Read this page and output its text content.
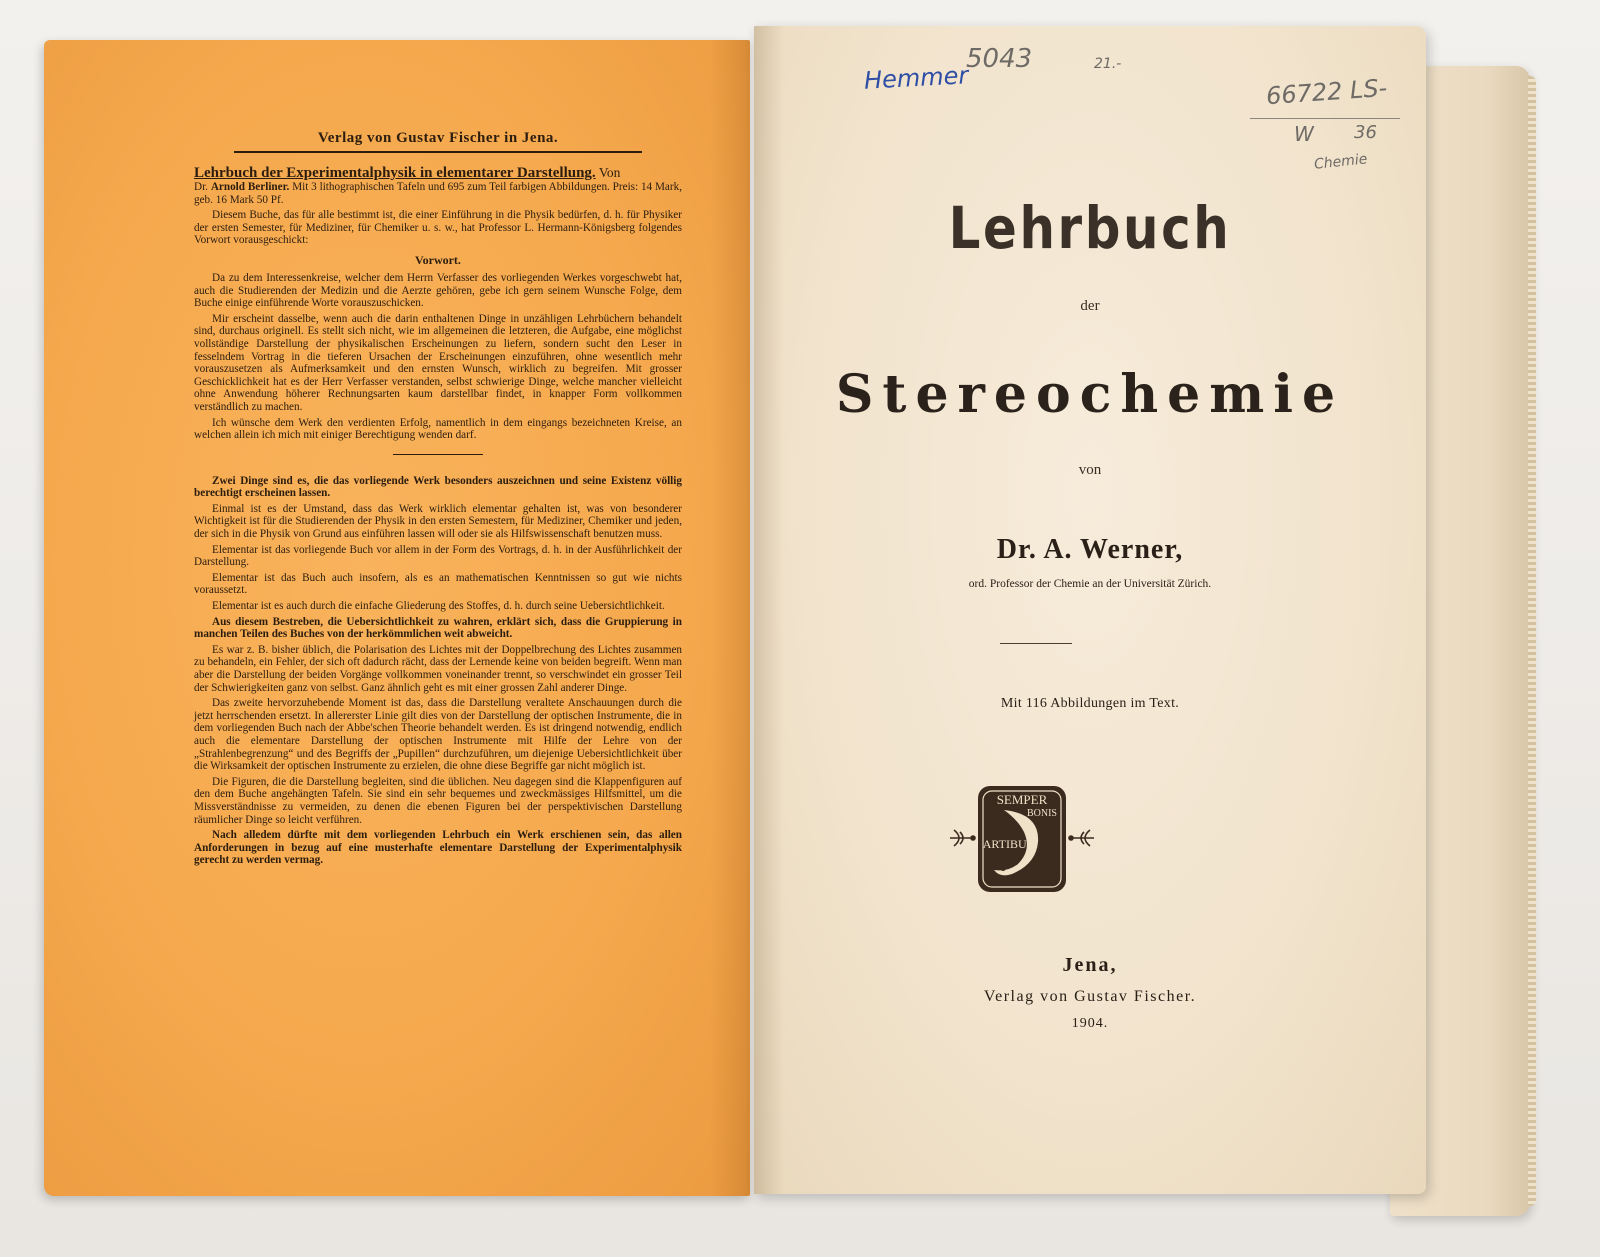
Verlag von Gustav Fischer in Jena.
Lehrbuch der Experimentalphysik in elementarer Darstellung. Von

Dr. Arnold Berliner. Mit 3 lithographischen Tafeln und 695 zum Teil farbigen Abbildungen. Preis: 14 Mark, geb. 16 Mark 50 Pf.

Diesem Buche, das für alle bestimmt ist, die einer Einführung in die Physik bedürfen, d. h. für Physiker der ersten Semester, für Mediziner, für Chemiker u. s. w., hat Professor L. Hermann-Königsberg folgendes Vorwort vorausgeschickt:

Vorwort.

Da zu dem Interessenkreise, welcher dem Herrn Verfasser des vorliegenden Werkes vorgeschwebt hat, auch die Studierenden der Medizin und die Aerzte gehören, gebe ich gern seinem Wunsche Folge, dem Buche einige einführende Worte vorauszuschicken.

Mir erscheint dasselbe, wenn auch die darin enthaltenen Dinge in unzähligen Lehrbüchern behandelt sind, durchaus originell. Es stellt sich nicht, wie im allgemeinen die letzteren, die Aufgabe, eine möglichst vollständige Darstellung der physikalischen Erscheinungen zu liefern, sondern sucht den Leser in fesselndem Vortrag in die tieferen Ursachen der Erscheinungen einzuführen, ohne wesentlich mehr vorauszusetzen als Aufmerksamkeit und den ernsten Wunsch, wirklich zu begreifen. Mit grosser Geschicklichkeit hat es der Herr Verfasser verstanden, selbst schwierige Dinge, welche mancher vielleicht ohne Anwendung höherer Rechnungsarten kaum darstellbar findet, in knapper Form vollkommen verständlich zu machen.

Ich wünsche dem Werk den verdienten Erfolg, namentlich in dem eingangs bezeichneten Kreise, an welchen allein ich mich mit einiger Berechtigung wenden darf.

Zwei Dinge sind es, die das vorliegende Werk besonders auszeichnen und seine Existenz völlig berechtigt erscheinen lassen.

Einmal ist es der Umstand, dass das Werk wirklich elementar gehalten ist, was von besonderer Wichtigkeit ist für die Studierenden der Physik in den ersten Semestern, für Mediziner, Chemiker und jeden, der sich in die Physik von Grund aus einführen lassen will oder sie als Hilfswissenschaft benutzen muss.

Elementar ist das vorliegende Buch vor allem in der Form des Vortrags, d. h. in der Ausführlichkeit der Darstellung.

Elementar ist das Buch auch insofern, als es an mathematischen Kenntnissen so gut wie nichts voraussetzt.

Elementar ist es auch durch die einfache Gliederung des Stoffes, d. h. durch seine Uebersichtlichkeit.

Aus diesem Bestreben, die Uebersichtlichkeit zu wahren, erklärt sich, dass die Gruppierung in manchen Teilen des Buches von der herkömmlichen weit abweicht.

Es war z. B. bisher üblich, die Polarisation des Lichtes mit der Doppelbrechung des Lichtes zusammen zu behandeln, ein Fehler, der sich oft dadurch rächt, dass der Lernende keine von beiden begreift. Wenn man aber die Darstellung der beiden Vorgänge vollkommen voneinander trennt, so verschwindet ein grosser Teil der Schwierigkeiten ganz von selbst. Ganz ähnlich geht es mit einer grossen Zahl anderer Dinge.

Das zweite hervorzuhebende Moment ist das, dass die Darstellung veraltete Anschauungen durch die jetzt herrschenden ersetzt. In allererster Linie gilt dies von der Darstellung der optischen Instrumente, die in dem vorliegenden Buch nach der Abbe'schen Theorie behandelt werden. Es ist dringend notwendig, endlich auch die elementare Darstellung der optischen Instrumente mit Hilfe der Lehre von der „Strahlenbegrenzung“ und des Begriffs der „Pupillen“ durchzuführen, um diejenige Uebersichtlichkeit über die Wirksamkeit der optischen Instrumente zu erzielen, die ohne diese Begriffe gar nicht möglich ist.

Die Figuren, die die Darstellung begleiten, sind die üblichen. Neu dagegen sind die Klappenfiguren auf den dem Buche angehängten Tafeln. Sie sind ein sehr bequemes und zweckmässiges Hilfsmittel, um die Missverständnisse zu vermeiden, zu denen die ebenen Figuren bei der perspektivischen Darstellung räumlicher Dinge so leicht verführen.

Nach alledem dürfte mit dem vorliegenden Lehrbuch ein Werk erschienen sein, das allen Anforderungen in bezug auf eine musterhafte elementare Darstellung der Experimentalphysik gerecht zu werden vermag.

Hemmer
5043	21.-
66722 LS-
W 36
Chemie
Lehrbuch
der
Stereochemie
von
Dr. A. Werner,
ord. Professor der Chemie an der Universität Zürich.
Mit 116 Abbildungen im Text.
SEMPER
BONIS
ARTIBUS
Jena,
Verlag von Gustav Fischer.
1904.
